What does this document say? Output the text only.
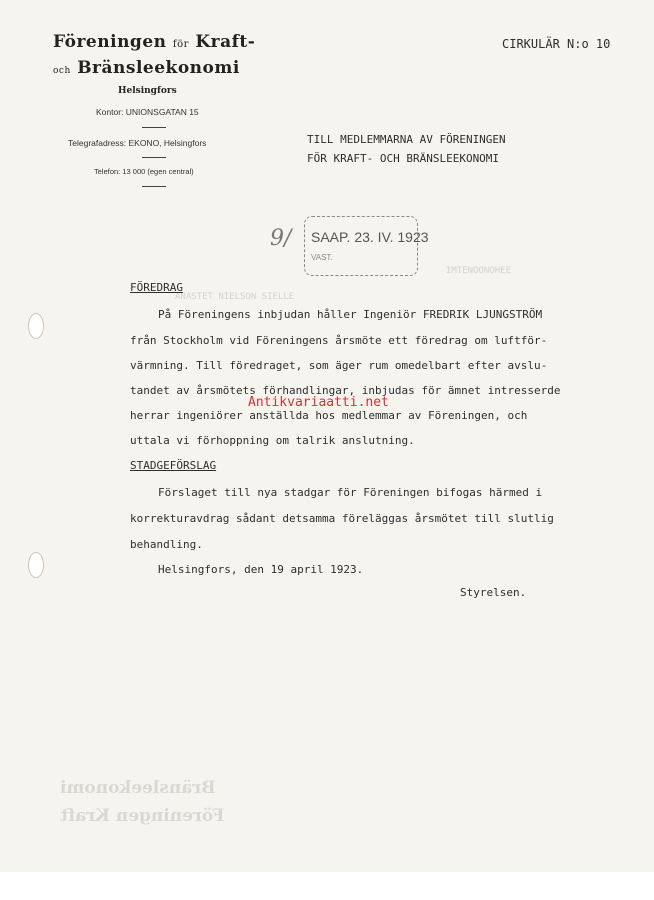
Föreningen för Kraft-
och Bränsleekonomi
Helsingfors
Kontor: UNIONSGATAN 15
Telegrafadress: EKONO, Helsingfors
Telefon: 13 000 (egen central)
CIRKULÄR N:o 10
TILL MEDLEMMARNA AV FÖRENINGEN
FÖR KRAFT- OCH BRÄNSLEEKONOMI
9/ SAAP. 23. IV. 1923
VAST.
IMTENOONOHEE
ANASTET NIELSON SIELLE
Bränsleekonomi
Föreningen Kraft
FÖREDRAG
På Föreningens inbjudan håller Ingeniör FREDRIK LJUNGSTRÖM
från Stockholm vid Föreningens årsmöte ett föredrag om luftför-
värmning. Till föredraget, som äger rum omedelbart efter avslu-
tandet av årsmötets förhandlingar, inbjudas för ämnet intresserde
herrar ingeniörer anställda hos medlemmar av Föreningen, och
uttala vi förhoppning om talrik anslutning.
STADGEFÖRSLAG
Förslaget till nya stadgar för Föreningen bifogas härmed i
korrekturavdrag sådant detsamma föreläggas årsmötet till slutlig
behandling.
Helsingfors, den 19 april 1923.
Styrelsen.
Antikvariaatti.net
